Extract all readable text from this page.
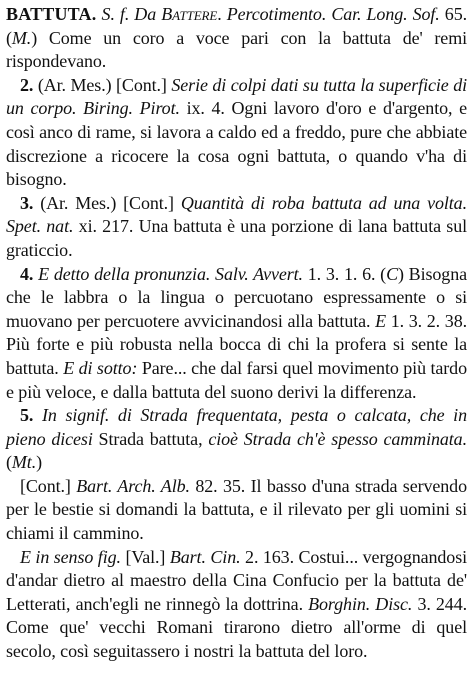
BATTUTA. S. f. Da Battere. Percotimento. Car. Long. Sof. 65. (M.) Come un coro a voce pari con la battuta de' remi rispondevano.

2. (Ar. Mes.) [Cont.] Serie di colpi dati su tutta la superficie di un corpo. Biring. Pirot. ix. 4. Ogni lavoro d'oro e d'argento, e così anco di rame, si lavora a caldo ed a freddo, pure che abbiate discrezione a ricocere la cosa ogni battuta, o quando v'ha di bisogno.

3. (Ar. Mes.) [Cont.] Quantità di roba battuta ad una volta. Spet. nat. xi. 217. Una battuta è una porzione di lana battuta sul graticcio.

4. E detto della pronunzia. Salv. Avvert. 1. 3. 1. 6. (C) Bisogna che le labbra o la lingua o percuotano espressamente o si muovano per percuotere avvicinandosi alla battuta. E 1. 3. 2. 38. Più forte e più robusta nella bocca di chi la profera si sente la battuta. E di sotto: Pare... che dal farsi quel movimento più tardo e più veloce, e dalla battuta del suono derivi la differenza.

5. In signif. di Strada frequentata, pesta o calcata, che in pieno dicesi Strada battuta, cioè Strada ch'è spesso camminata. (Mt.)

[Cont.] Bart. Arch. Alb. 82. 35. Il basso d'una strada servendo per le bestie si domandi la battuta, e il rilevato per gli uomini si chiami il cammino.

E in senso fig. [Val.] Bart. Cin. 2. 163. Costui... vergognandosi d'andar dietro al maestro della Cina Confucio per la battuta de' Letterati, anch'egli ne rinnegò la dottrina. Borghin. Disc. 3. 244. Come que' vecchi Romani tirarono dietro all'orme di quel secolo, così seguitassero i nostri la battuta del loro.
